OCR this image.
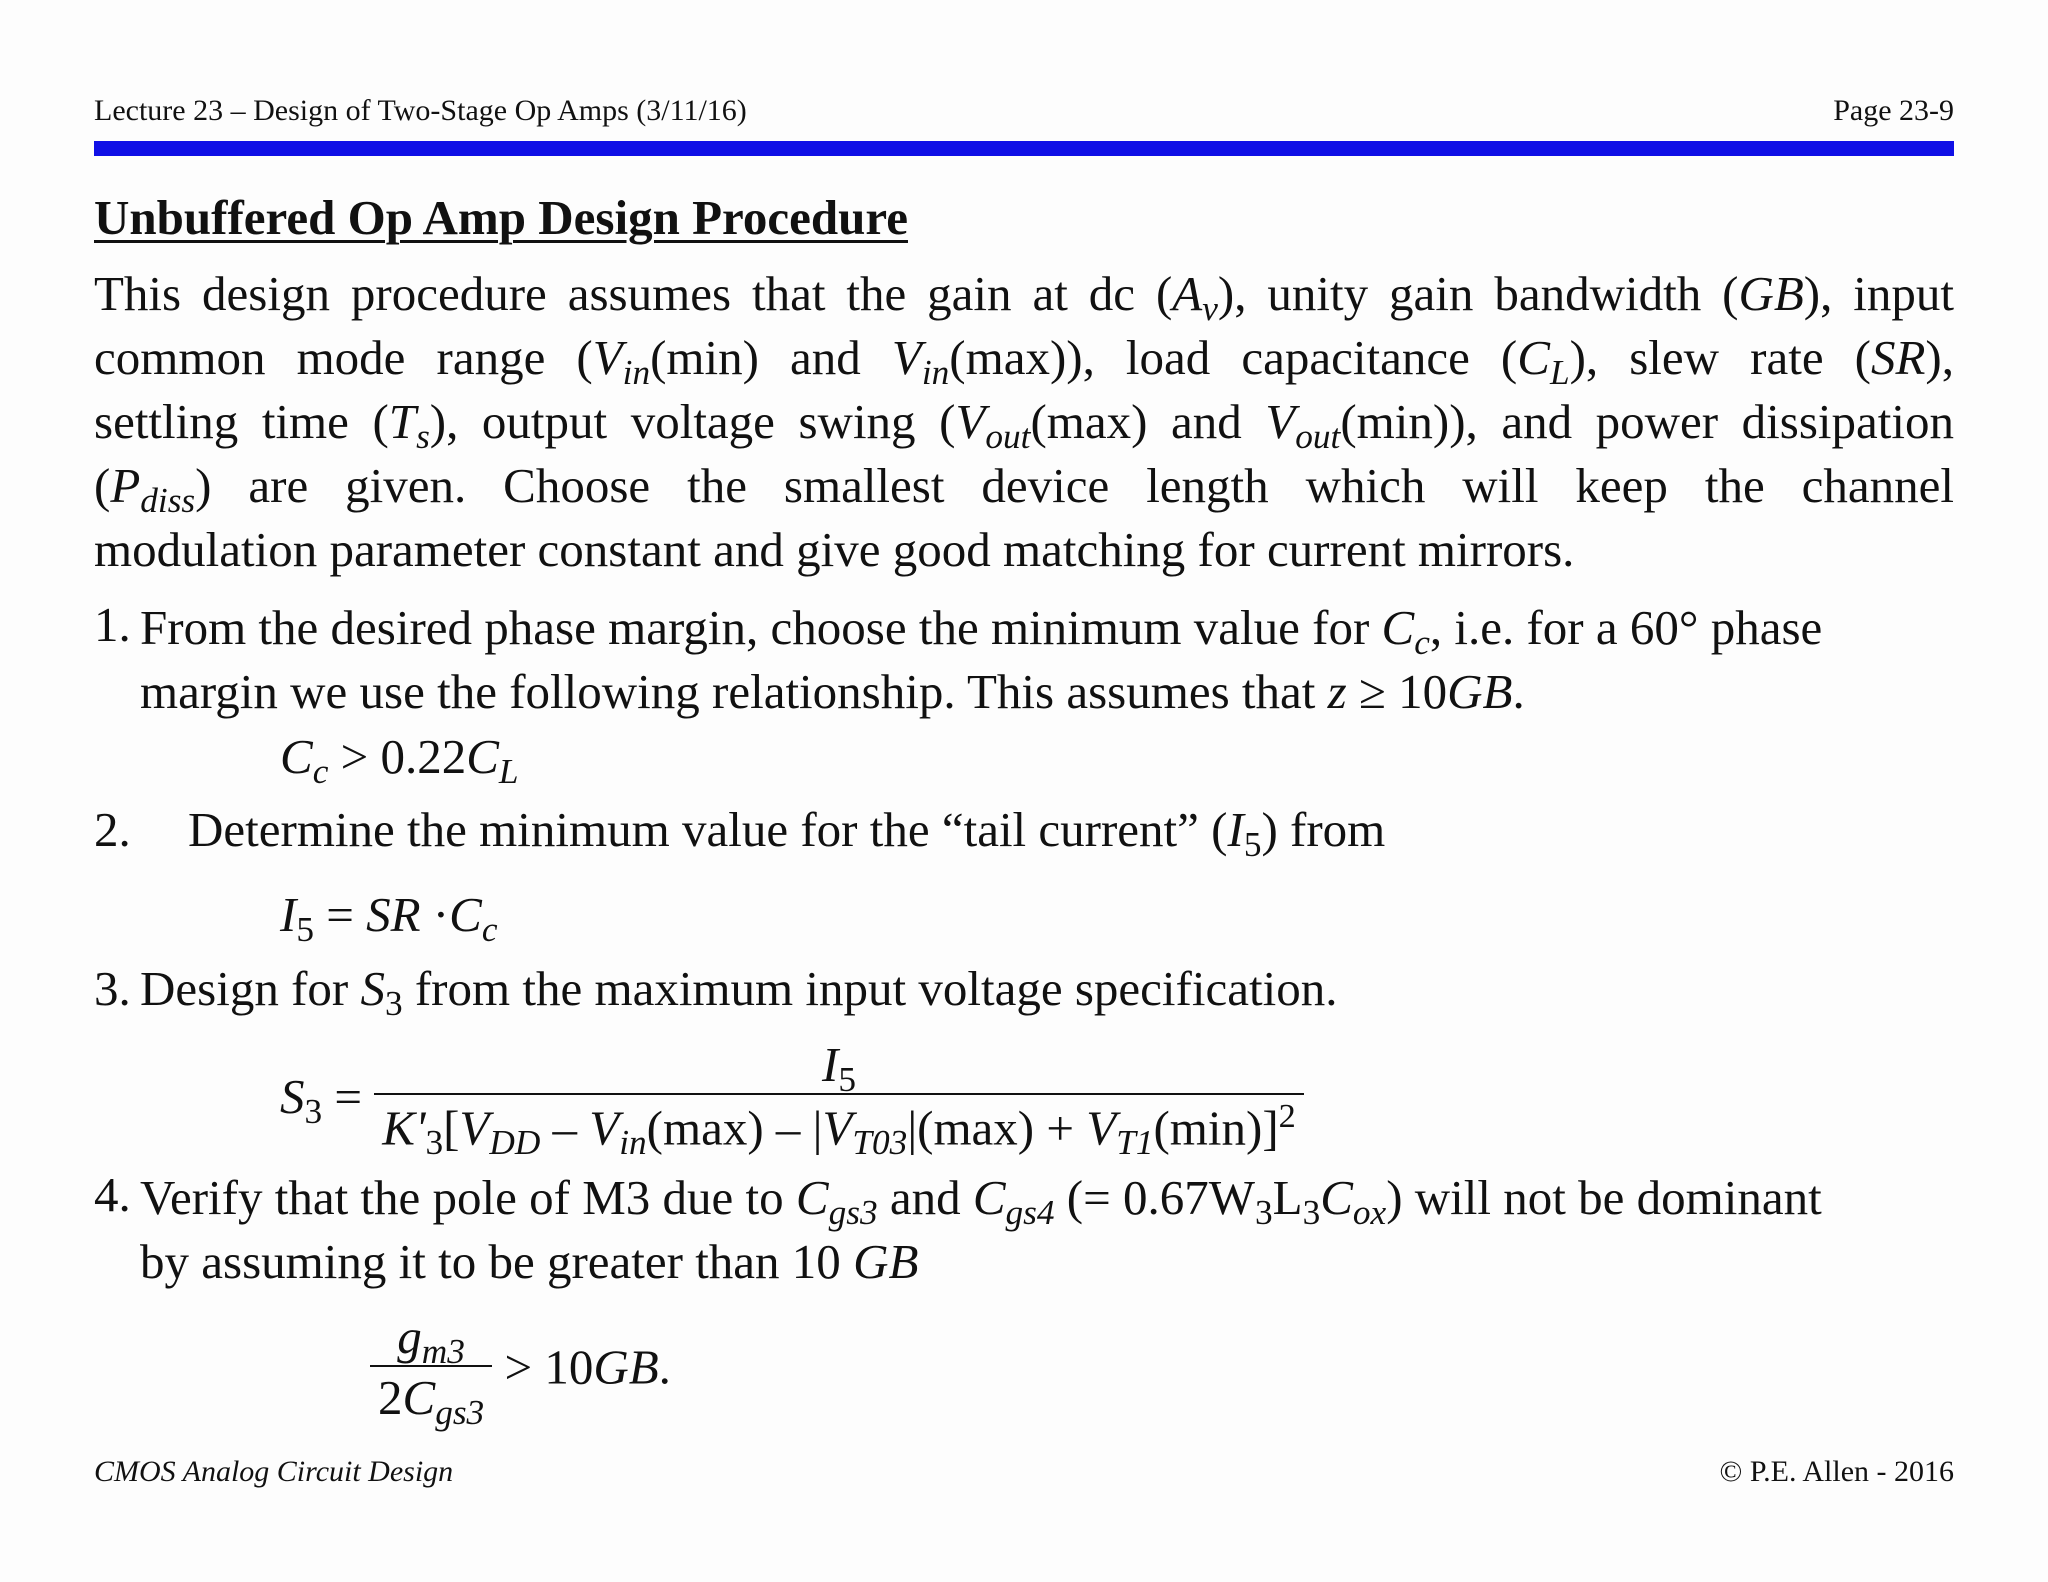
Lecture 23 – Design of Two-Stage Op Amps (3/11/16)	Page 23-9
Unbuffered Op Amp Design Procedure
This design procedure assumes that the gain at dc $(A_v)$, unity gain bandwidth (GB), input
common mode range ($V_{in}(\min)$ and $V_{in}(\max)$), load capacitance $(C_L)$, slew rate (SR),
settling time $(T_s)$, output voltage swing ($V_{out}(\max)$ and $V_{out}(\min)$), and power dissipation
$(P_{diss})$ are given. Choose the smallest device length which will keep the channel
modulation parameter constant and give good matching for current mirrors.
1. From the desired phase margin, choose the minimum value for $C_c$, i.e. for a 60° phase
margin we use the following relationship. This assumes that z ≥ 10GB.
$C_c > 0.22C_L$
2. Determine the minimum value for the “tail current” $(I_5)$ from
$I_5$ = SR $\cdot C_c$
3. Design for $S_3$ from the maximum input voltage specification.
$S_3 = \frac{I_5}{K'_3[V_{DD} - V_{in}(\max) - |V_{T03}|(\max) + V_{T1}(\min)]^2}$
4. Verify that the pole of M3 due to $C_{gs3}$ and $C_{gs4}$ (= $0.67W_3L_3C_{ox}$) will not be dominant
by assuming it to be greater than 10 GB
$\frac{g_{m3}}{2C_{gs3}} > 10GB$.
CMOS Analog Circuit Design	© P.E. Allen - 2016
